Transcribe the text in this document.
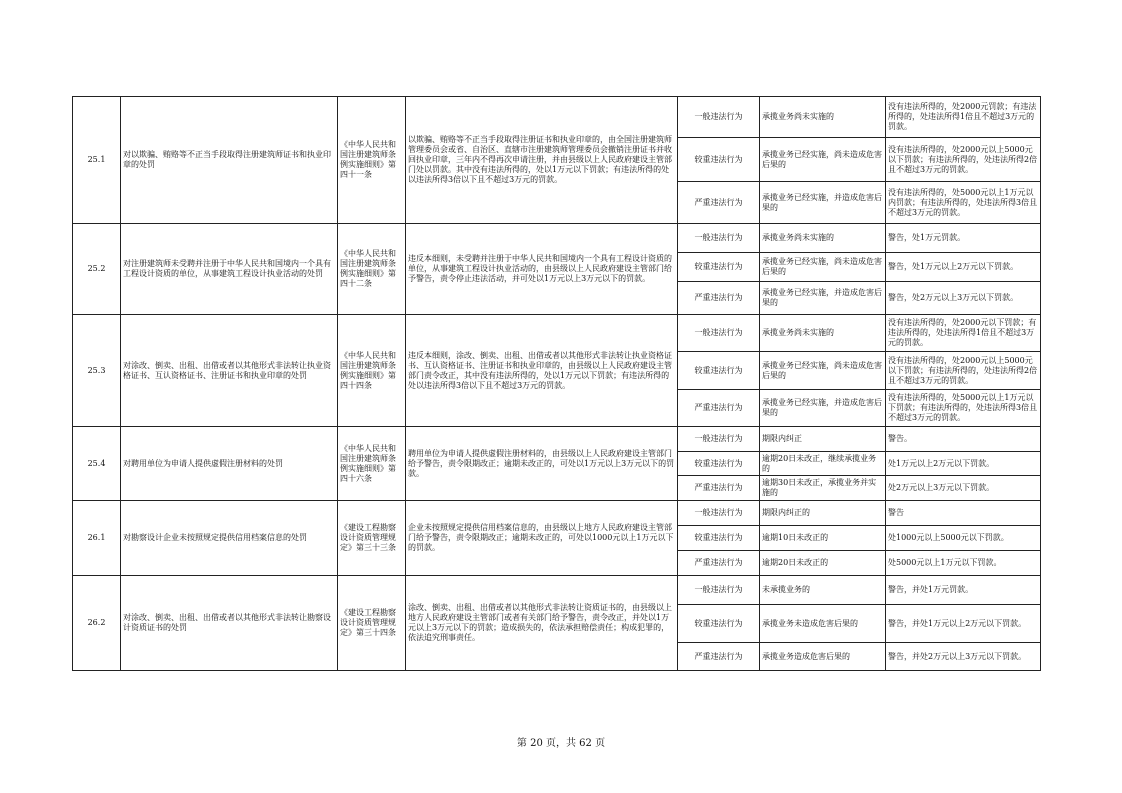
25.1	对以欺骗、贿赂等不正当手段取得注册建筑师证书和执业印章的处罚	《中华人民共和国注册建筑师条例实施细则》第四十一条	以欺骗、贿赂等不正当手段取得注册证书和执业印章的，由全国注册建筑师管理委员会或省、自治区、直辖市注册建筑师管理委员会撤销注册证书并收回执业印章，三年内不得再次申请注册，并由县级以上人民政府建设主管部门处以罚款。其中没有违法所得的，处以1万元以下罚款；有违法所得的处以违法所得3倍以下且不超过3万元的罚款。	一般违法行为	承揽业务尚未实施的	没有违法所得的，处2000元罚款；有违法所得的，处违法所得1倍且不超过3万元的罚款。
				较重违法行为	承揽业务已经实施，尚未造成危害后果的	没有违法所得的，处2000元以上5000元以下罚款；有违法所得的，处违法所得2倍且不超过3万元的罚款。
				严重违法行为	承揽业务已经实施，并造成危害后果的	没有违法所得的，处5000元以上1万元以内罚款；有违法所得的，处违法所得3倍且不超过3万元的罚款。
25.2	对注册建筑师未受聘并注册于中华人民共和国境内一个具有工程设计资质的单位，从事建筑工程设计执业活动的处罚	《中华人民共和国注册建筑师条例实施细则》第四十二条	违反本细则，未受聘并注册于中华人民共和国境内一个具有工程设计资质的单位，从事建筑工程设计执业活动的，由县级以上人民政府建设主管部门给予警告，责令停止违法活动，并可处以1万元以上3万元以下的罚款。	一般违法行为	承揽业务尚未实施的	警告，处1万元罚款。
				较重违法行为	承揽业务已经实施，尚未造成危害后果的	警告，处1万元以上2万元以下罚款。
				严重违法行为	承揽业务已经实施，并造成危害后果的	警告，处2万元以上3万元以下罚款。
25.3	对涂改、倒卖、出租、出借或者以其他形式非法转让执业资格证书、互认资格证书、注册证书和执业印章的处罚	《中华人民共和国注册建筑师条例实施细则》第四十四条	违反本细则，涂改、倒卖、出租、出借或者以其他形式非法转让执业资格证书、互认资格证书、注册证书和执业印章的，由县级以上人民政府建设主管部门责令改正，其中没有违法所得的，处以1万元以下罚款；有违法所得的处以违法所得3倍以下且不超过3万元的罚款。	一般违法行为	承揽业务尚未实施的	没有违法所得的，处2000元以下罚款；有违法所得的，处违法所得1倍且不超过3万元的罚款。
				较重违法行为	承揽业务已经实施，尚未造成危害后果的	没有违法所得的，处2000元以上5000元以下罚款；有违法所得的，处违法所得2倍且不超过3万元的罚款。
				严重违法行为	承揽业务已经实施，并造成危害后果的	没有违法所得的，处5000元以上1万元以下罚款；有违法所得的，处违法所得3倍且不超过3万元的罚款。
25.4	对聘用单位为申请人提供虚假注册材料的处罚	《中华人民共和国注册建筑师条例实施细则》第四十六条	聘用单位为申请人提供虚假注册材料的，由县级以上人民政府建设主管部门给予警告，责令限期改正；逾期未改正的，可处以1万元以上3万元以下的罚款。	一般违法行为	期限内纠正	警告。
				较重违法行为	逾期20日未改正，继续承揽业务的	处1万元以上2万元以下罚款。
				严重违法行为	逾期30日未改正，承揽业务并实施的	处2万元以上3万元以下罚款。
26.1	对勘察设计企业未按照规定提供信用档案信息的处罚	《建设工程勘察设计资质管理规定》第三十三条	企业未按照规定提供信用档案信息的，由县级以上地方人民政府建设主管部门给予警告，责令限期改正；逾期未改正的，可处以1000元以上1万元以下的罚款。	一般违法行为	期限内纠正的	警告
				较重违法行为	逾期10日未改正的	处1000元以上5000元以下罚款。
				严重违法行为	逾期20日未改正的	处5000元以上1万元以下罚款。
26.2	对涂改、倒卖、出租、出借或者以其他形式非法转让勘察设计资质证书的处罚	《建设工程勘察设计资质管理规定》第三十四条	涂改、倒卖、出租、出借或者以其他形式非法转让资质证书的，由县级以上地方人民政府建设主管部门或者有关部门给予警告，责令改正，并处以1万元以上3万元以下的罚款；造成损失的，依法承担赔偿责任；构成犯罪的，依法追究刑事责任。	一般违法行为	未承揽业务的	警告，并处1万元罚款。
				较重违法行为	承揽业务未造成危害后果的	警告，并处1万元以上2万元以下罚款。
				严重违法行为	承揽业务造成危害后果的	警告，并处2万元以上3万元以下罚款。
第 20 页，共 62 页
